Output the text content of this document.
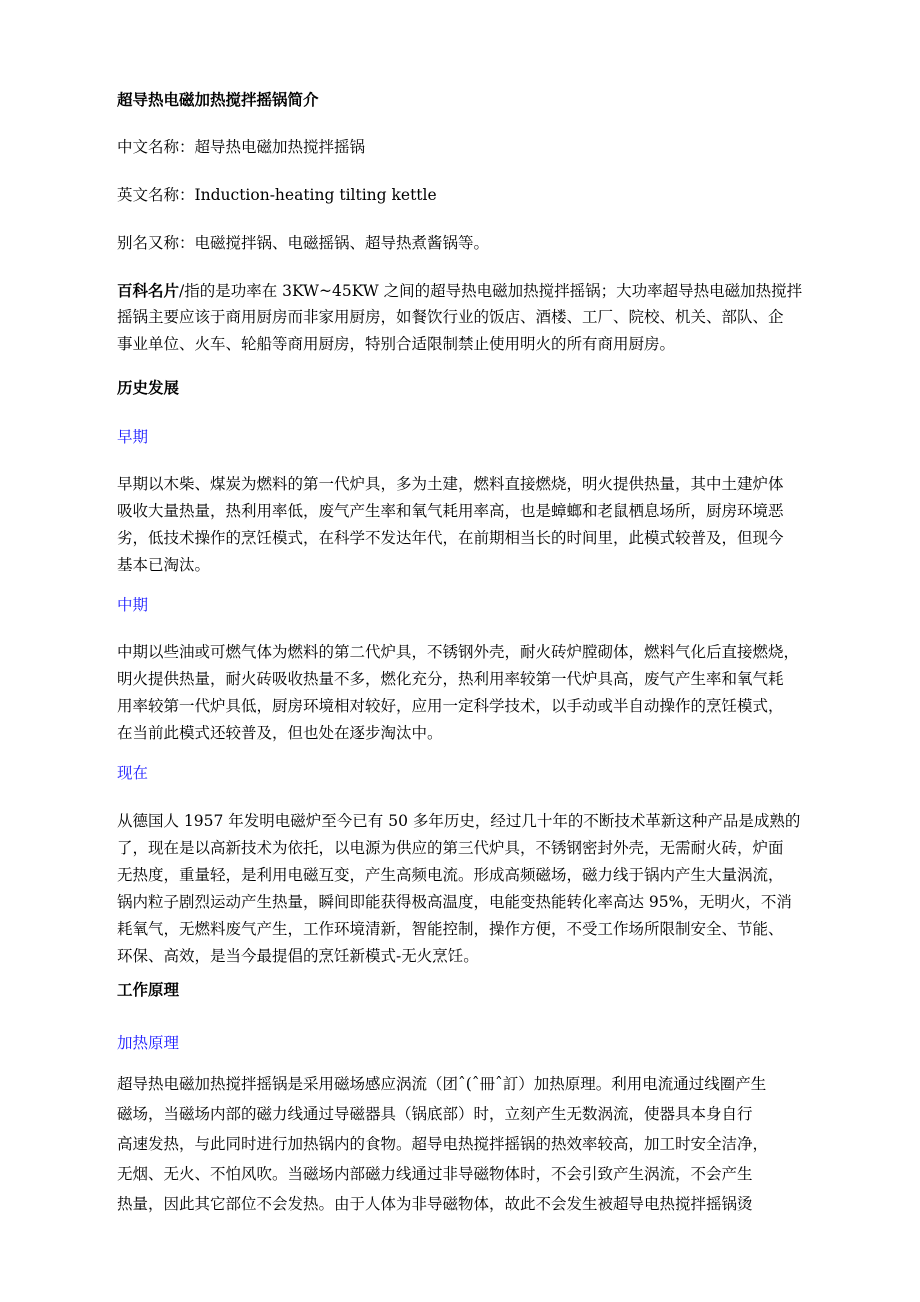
超导热电磁加热搅拌摇锅简介
中文名称：超导热电磁加热搅拌摇锅
英文名称：Induction-heating tilting kettle
别名又称：电磁搅拌锅、电磁摇锅、超导热煮酱锅等。
百科名片/指的是功率在 3KW~45KW 之间的超导热电磁加热搅拌摇锅；大功率超导热电磁加热搅拌
摇锅主要应该于商用厨房而非家用厨房，如餐饮行业的饭店、酒楼、工厂、院校、机关、部队、企
事业单位、火车、轮船等商用厨房，特别合适限制禁止使用明火的所有商用厨房。
历史发展
早期
早期以木柴、煤炭为燃料的第一代炉具，多为土建，燃料直接燃烧，明火提供热量，其中土建炉体
吸收大量热量，热利用率低，废气产生率和氧气耗用率高，也是蟑螂和老鼠栖息场所，厨房环境恶
劣，低技术操作的烹饪模式，在科学不发达年代，在前期相当长的时间里，此模式较普及，但现今
基本已淘汰。
中期
中期以些油或可燃气体为燃料的第二代炉具，不锈钢外壳，耐火砖炉膛砌体，燃料气化后直接燃烧，
明火提供热量，耐火砖吸收热量不多，燃化充分，热利用率较第一代炉具高，废气产生率和氧气耗
用率较第一代炉具低，厨房环境相对较好，应用一定科学技术，以手动或半自动操作的烹饪模式，
在当前此模式还较普及，但也处在逐步淘汰中。
现在
从德国人 1957 年发明电磁炉至今已有 50 多年历史，经过几十年的不断技术革新这种产品是成熟的
了，现在是以高新技术为依托，以电源为供应的第三代炉具，不锈钢密封外壳，无需耐火砖，炉面
无热度，重量轻，是利用电磁互变，产生高频电流。形成高频磁场，磁力线于锅内产生大量涡流，
锅内粒子剧烈运动产生热量，瞬间即能获得极高温度，电能变热能转化率高达 95%，无明火，不消
耗氧气，无燃料废气产生，工作环境清新，智能控制，操作方便，不受工作场所限制安全、节能、
环保、高效，是当今最提倡的烹饪新模式-无火烹饪。
工作原理
加热原理
超导热电磁加热搅拌摇锅是采用磁场感应涡流（团ˆ(ˆ冊ˆ訂）加热原理。利用电流通过线圈产生
磁场，当磁场内部的磁力线通过导磁器具（锅底部）时，立刻产生无数涡流，使器具本身自行
高速发热，与此同时进行加热锅内的食物。超导电热搅拌摇锅的热效率较高，加工时安全洁净，
无烟、无火、不怕风吹。当磁场内部磁力线通过非导磁物体时，不会引致产生涡流，不会产生
热量，因此其它部位不会发热。由于人体为非导磁物体，故此不会发生被超导电热搅拌摇锅烫
